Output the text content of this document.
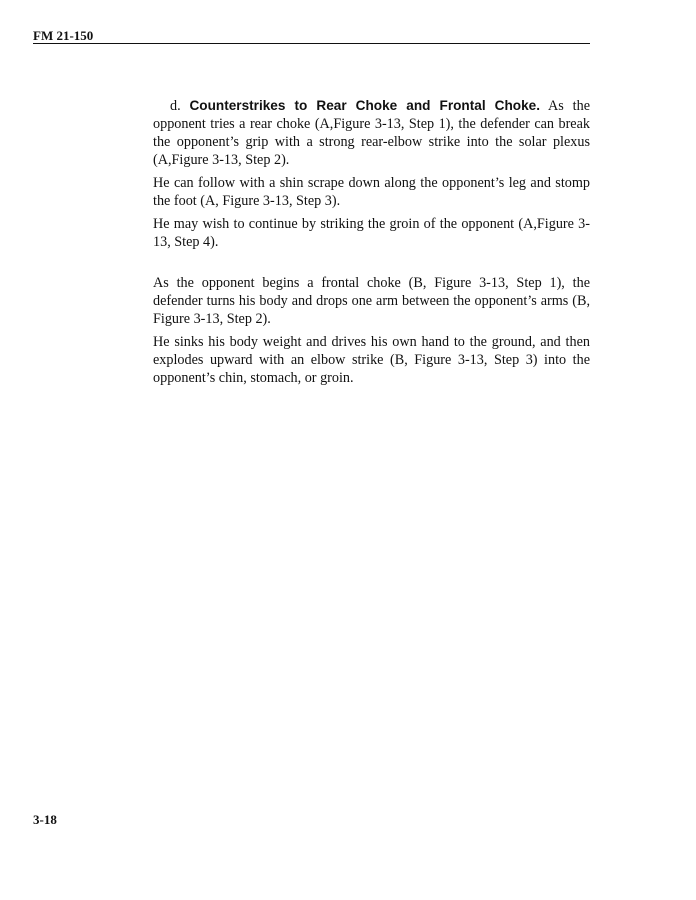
FM 21-150

d. Counterstrikes to Rear Choke and Frontal Choke. As the opponent tries a rear choke (A,Figure 3-13, Step 1), the defender can break the opponent’s grip with a strong rear-elbow strike into the solar plexus (A,Figure 3-13, Step 2).

He can follow with a shin scrape down along the opponent’s leg and stomp the foot (A, Figure 3-13, Step 3).

He may wish to continue by striking the groin of the opponent (A,Figure 3-13, Step 4).

As the opponent begins a frontal choke (B, Figure 3-13, Step 1), the defender turns his body and drops one arm between the opponent’s arms (B, Figure 3-13, Step 2).

He sinks his body weight and drives his own hand to the ground, and then explodes upward with an elbow strike (B, Figure 3-13, Step 3) into the opponent’s chin, stomach, or groin.

3-18
